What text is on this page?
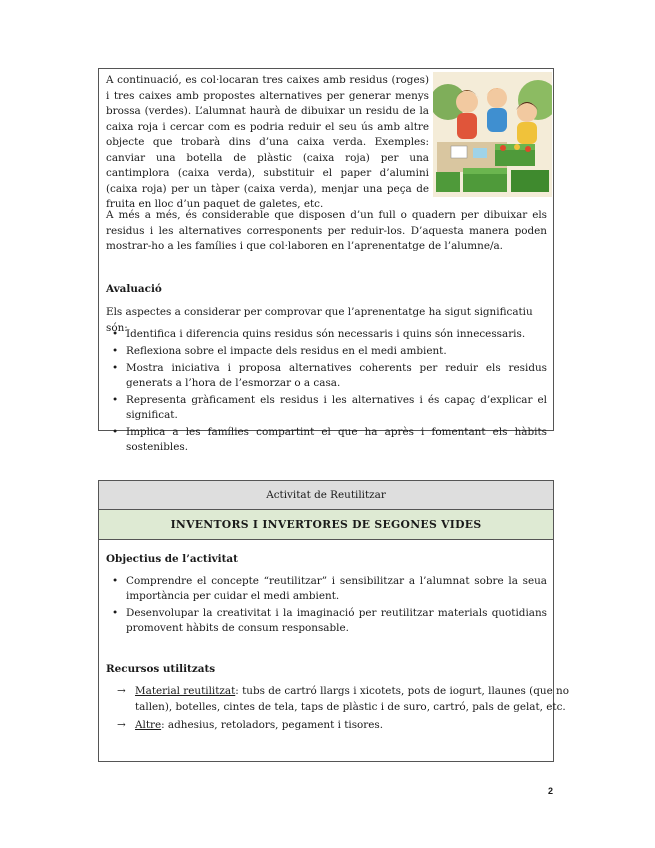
A continuació, es col·locaran tres caixes amb residus (roges) i tres caixes amb propostes alternatives per generar menys brossa (verdes). L’alumnat haurà de dibuixar un residu de la caixa roja i cercar com es podria reduir el seu ús amb altre objecte que trobarà dins d’una caixa verda. Exemples: canviar una botella de plàstic (caixa roja) per una cantimplora (caixa verda), substituir el paper d’alumini (caixa roja) per un tàper (caixa verda), menjar una peça de fruita en lloc d’un paquet de galetes, etc.

A més a més, és considerable que disposen d’un full o quadern per dibuixar els residus i les alternatives corresponents per reduir-los. D’aquesta manera poden mostrar-ho a les famílies i que col·laboren en l’aprenentatge de l’alumne/a.

Avaluació

Els aspectes a considerar per comprovar que l’aprenentatge ha sigut significatiu són:

• Identifica i diferencia quins residus són necessaris i quins són innecessaris.
• Reflexiona sobre el impacte dels residus en el medi ambient.
• Mostra iniciativa i proposa alternatives coherents per reduir els residus generats a l’hora de l’esmorzar o a casa.
• Representa gràficament els residus i les alternatives i és capaç d’explicar el significat.
• Implica a les famílies compartint el que ha après i fomentant els hàbits sostenibles.
Activitat de Reutilitzar
INVENTORS I INVERTORES DE SEGONES VIDES

Objectius de l’activitat

• Comprendre el concepte “reutilitzar” i sensibilitzar a l’alumnat sobre la seua importància per cuidar el medi ambient.
• Desenvolupar la creativitat i la imaginació per reutilitzar materials quotidians promovent hàbits de consum responsable.

Recursos utilitzats

→ Material reutilitzat: tubs de cartró llargs i xicotets, pots de iogurt, llaunes (que no tallen), botelles, cintes de tela, taps de plàstic i de suro, cartró, pals de gelat, etc.
→ Altre: adhesius, retoladors, pegament i tisores.
2
